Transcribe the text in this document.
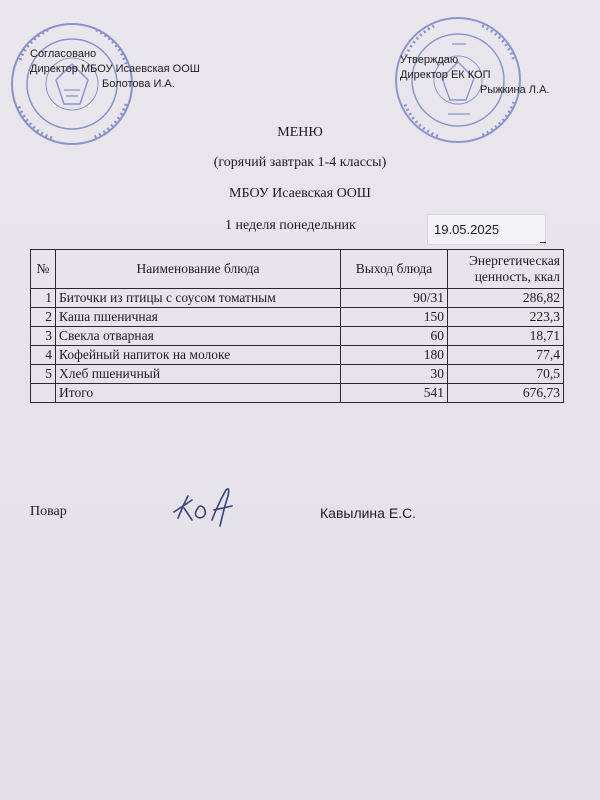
Согласовано
Директор МБОУ Исаевская ООШ
Болотова И.А.
Утверждаю
Директор ЕК КОП
Рыжкина Л.А.
МЕНЮ
(горячий завтрак 1-4 классы)
МБОУ Исаевская ООШ
1 неделя понедельник	19.05.2025
№	Наименование блюда	Выход блюда	Энергетическая
ценность, ккал

1	Биточки из птицы с соусом томатным	90/31	286,82
2	Каша пшеничная	150	223,3
3	Свекла отварная	60	18,71
4	Кофейный напиток на молоке	180	77,4
5	Хлеб пшеничный	30	70,5
	Итого	541	676,73
Повар	Кавылина Е.С.
